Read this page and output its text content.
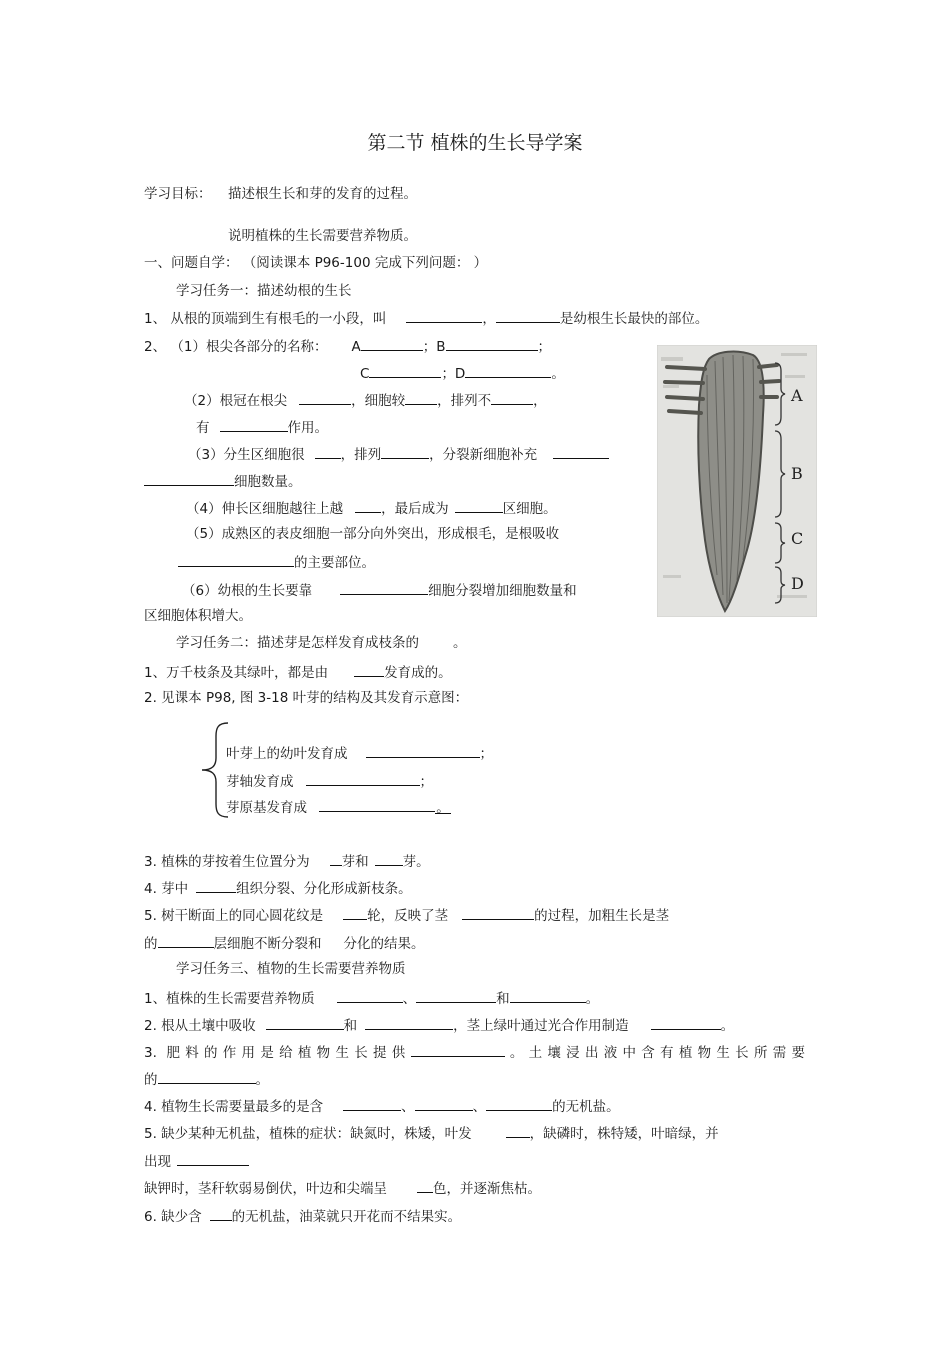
第二节 植株的生长导学案
学习目标： 描述根生长和芽的发育的过程。
说明植株的生长需要营养物质。
一、问题自学： （阅读课本 P96-100 完成下列问题： ）
学习任务一：描述幼根的生长
1、 从根的顶端到生有根毛的一小段，叫	，	是幼根生长最快的部位。
2、 （1）根尖各部分的名称： A	；B	；
C	；D	。
（2）根冠在根尖	，细胞较 ，排列不	，
有	作用。
（3）分生区细胞很	，排列	，分裂新细胞补充
细胞数量。
（4）伸长区细胞越往上越	，最后成为	区细胞。
（5）成熟区的表皮细胞一部分向外突出，形成根毛，是根吸收
的主要部位。
（6）幼根的生长要靠	细胞分裂增加细胞数量和
区细胞体积增大。
A
B
C
D
学习任务二：描述芽是怎样发育成枝条的	。
1、万千枝条及其绿叶，都是由	发育成的。
2. 见课本 P98, 图 3-18 叶芽的结构及其发育示意图：
叶芽上的幼叶发育成	；
芽轴发育成	；
芽原基发育成	。
3. 植株的芽按着生位置分为 芽和	芽。
4. 芽中	组织分裂、分化形成新枝条。
5. 树干断面上的同心圆花纹是	轮，反映了茎	的过程，加粗生长是茎
的	层细胞不断分裂和 分化的结果。
学习任务三、植物的生长需要营养物质
1、植株的生长需要营养物质	、	和	。
2. 根从土壤中吸收	和	，茎上绿叶通过光合作用制造	。
3. 肥料的作用是给植物生长提供	。土壤浸出液中含有植物生长所需要
的	。
4. 植物生长需要量最多的是含	、	、	的无机盐。
5. 缺少某种无机盐，植株的症状：缺氮时，株矮，叶发	，缺磷时，株特矮，叶暗绿，并
出现
缺钾时，茎秆软弱易倒伏，叶边和尖端呈	色，并逐渐焦枯。
6. 缺少含 的无机盐，油菜就只开花而不结果实。
